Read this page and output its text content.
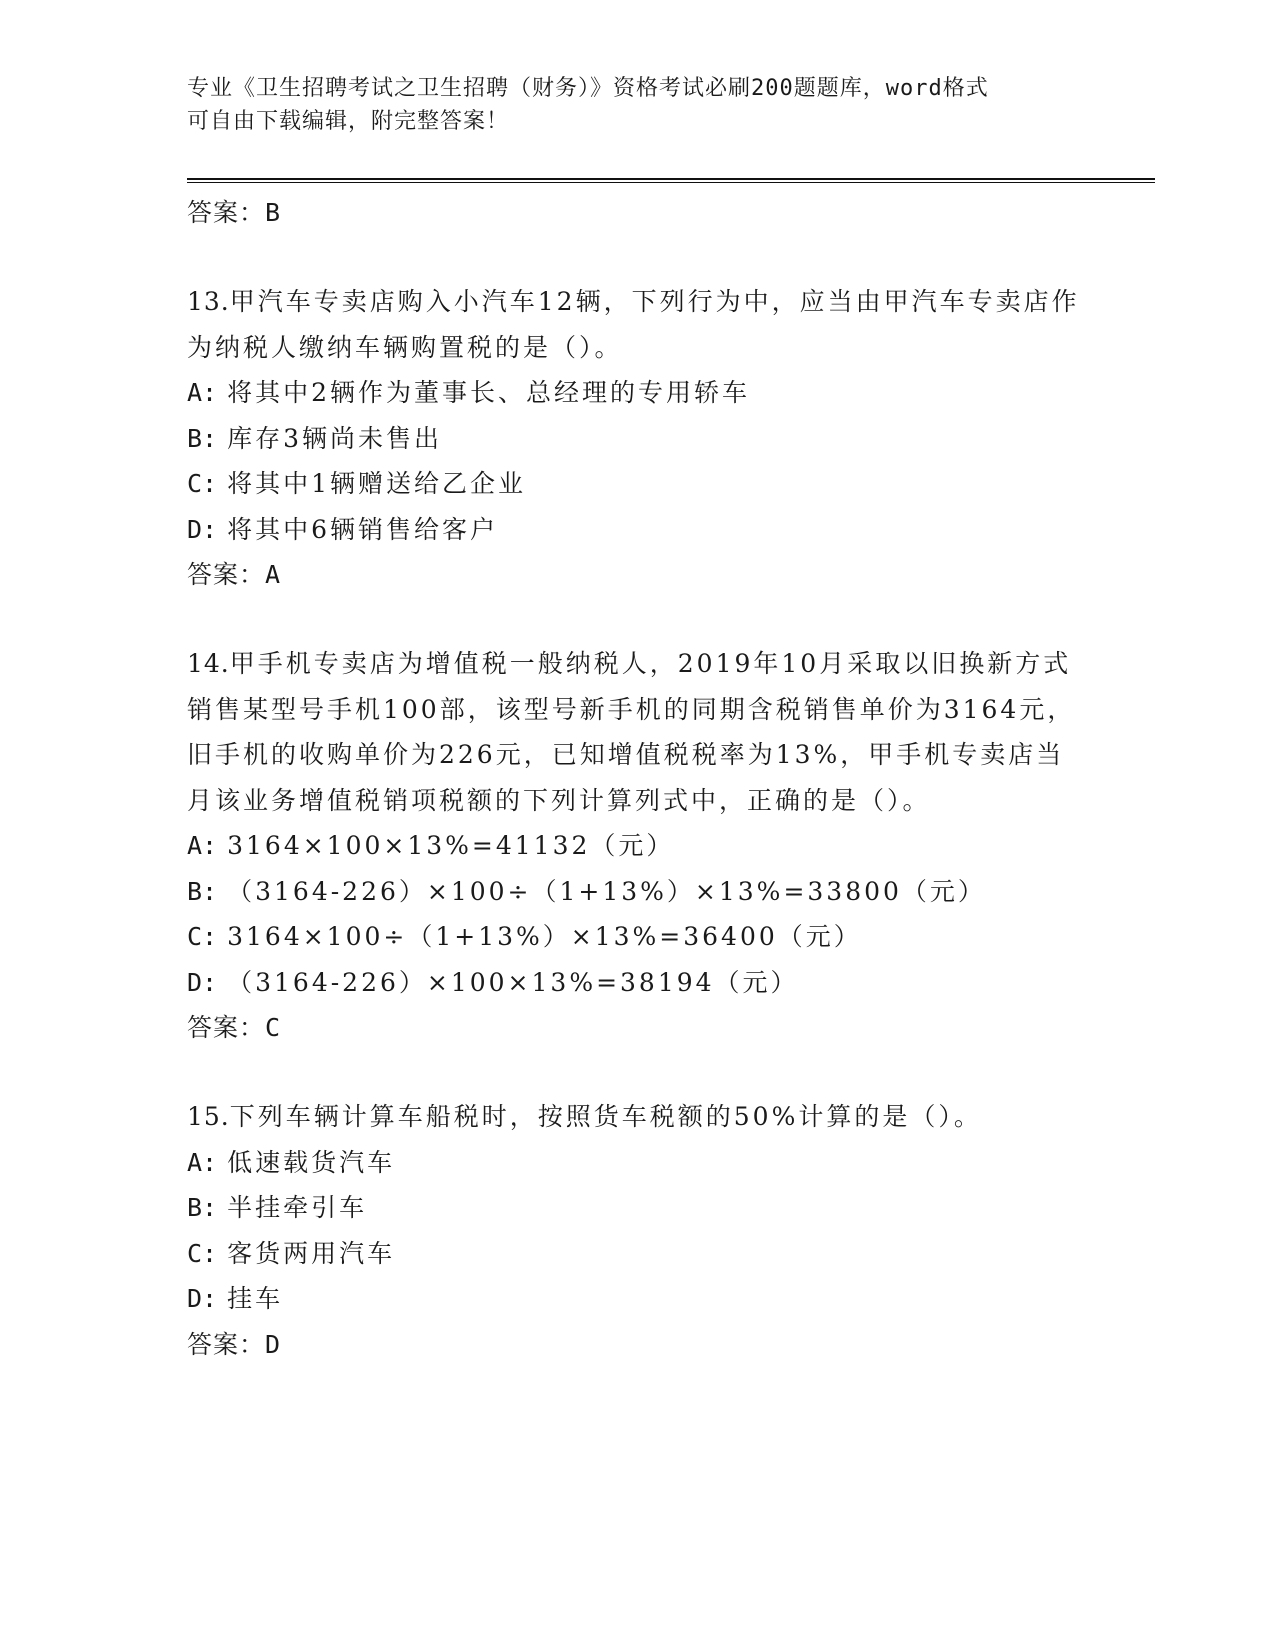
专业《卫生招聘考试之卫生招聘（财务）》资格考试必刷200题题库，word格式
可自由下载编辑，附完整答案！
答案：B
13.甲汽车专卖店购入小汽车12辆，下列行为中，应当由甲汽车专卖店作为纳税人缴纳车辆购置税的是（）。
A: 将其中2辆作为董事长、总经理的专用轿车
B: 库存3辆尚未售出
C: 将其中1辆赠送给乙企业
D: 将其中6辆销售给客户
答案：A
14.甲手机专卖店为增值税一般纳税人，2019年10月采取以旧换新方式销售某型号手机100部，该型号新手机的同期含税销售单价为3164元，旧手机的收购单价为226元，已知增值税税率为13%，甲手机专卖店当月该业务增值税销项税额的下列计算列式中，正确的是（）。
A: 3164×100×13%=41132（元）
B: （3164-226）×100÷（1+13%）×13%=33800（元）
C: 3164×100÷（1+13%）×13%=36400（元）
D: （3164-226）×100×13%=38194（元）
答案：C
15.下列车辆计算车船税时，按照货车税额的50%计算的是（）。
A: 低速载货汽车
B: 半挂牵引车
C: 客货两用汽车
D: 挂车
答案：D
